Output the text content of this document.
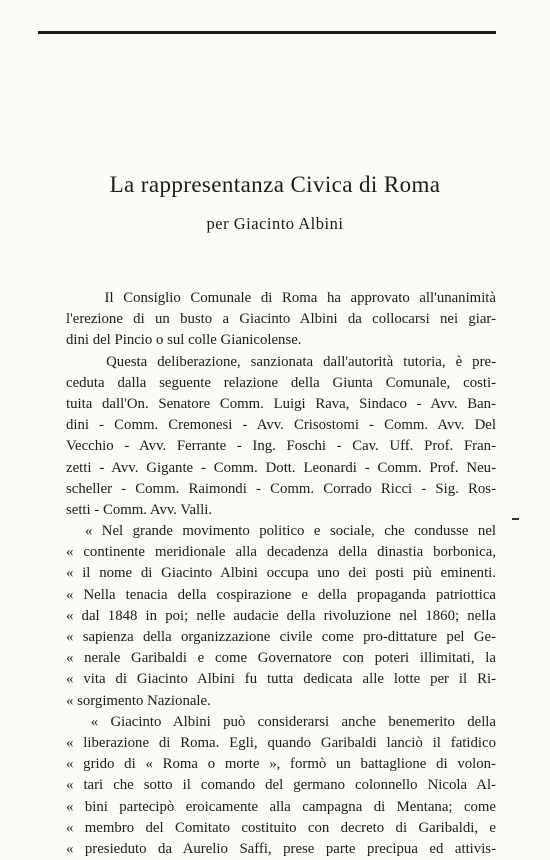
La rappresentanza Civica di Roma
per Giacinto Albini
Il Consiglio Comunale di Roma ha approvato all'unanimità
l'erezione di un busto a Giacinto Albini da collocarsi nei giar-
dini del Pincio o sul colle Gianicolense.
Questa deliberazione, sanzionata dall'autorità tutoria, è pre-
ceduta dalla seguente relazione della Giunta Comunale, costi-
tuita dall'On. Senatore Comm. Luigi Rava, Sindaco - Avv. Ban-
dini - Comm. Cremonesi - Avv. Crisostomi - Comm. Avv. Del
Vecchio - Avv. Ferrante - Ing. Foschi - Cav. Uff. Prof. Fran-
zetti - Avv. Gigante - Comm. Dott. Leonardi - Comm. Prof. Neu-
scheller - Comm. Raimondi - Comm. Corrado Ricci - Sig. Ros-
setti - Comm. Avv. Valli.
« Nel grande movimento politico e sociale, che condusse nel
« continente meridionale alla decadenza della dinastia borbonica,
« il nome di Giacinto Albini occupa uno dei posti più eminenti.
« Nella tenacia della cospirazione e della propaganda patriottica
« dal 1848 in poi; nelle audacie della rivoluzione nel 1860; nella
« sapienza della organizzazione civile come pro-dittature pel Ge-
« nerale Garibaldi e come Governatore con poteri illimitati, la
« vita di Giacinto Albini fu tutta dedicata alle lotte per il Ri-
« sorgimento Nazionale.
« Giacinto Albini può considerarsi anche benemerito della
« liberazione di Roma. Egli, quando Garibaldi lanciò il fatidico
« grido di « Roma o morte », formò un battaglione di volon-
« tari che sotto il comando del germano colonnello Nicola Al-
« bini partecipò eroicamente alla campagna di Mentana; come
« membro del Comitato costituito con decreto di Garibaldi, e
« presieduto da Aurelio Saffi, prese parte precipua ed attivis-
